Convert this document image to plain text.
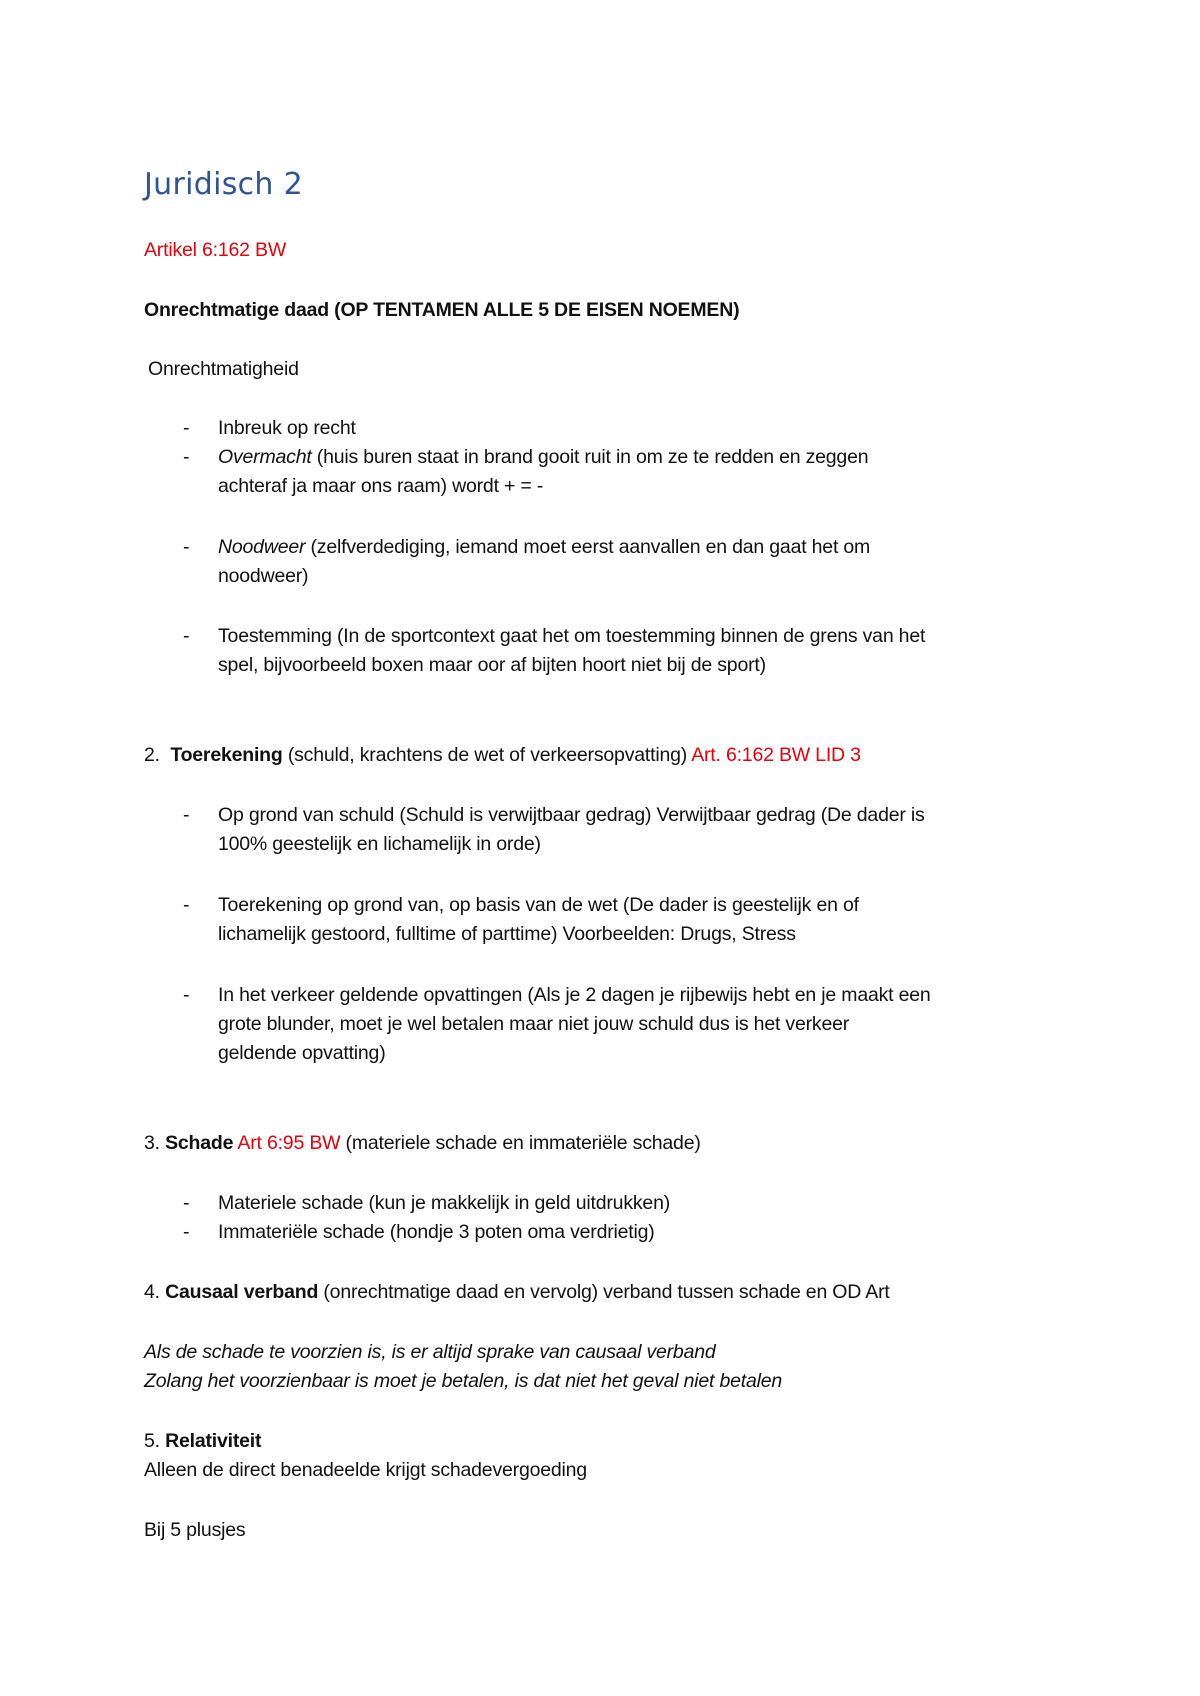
Juridisch 2
Artikel 6:162 BW
Onrechtmatige daad (OP TENTAMEN ALLE 5 DE EISEN NOEMEN)
Onrechtmatigheid
- Inbreuk op recht
- Overmacht (huis buren staat in brand gooit ruit in om ze te redden en zeggen
achteraf ja maar ons raam) wordt + = -
- Noodweer (zelfverdediging, iemand moet eerst aanvallen en dan gaat het om
noodweer)
- Toestemming (In de sportcontext gaat het om toestemming binnen de grens van het
spel, bijvoorbeeld boxen maar oor af bijten hoort niet bij de sport)
2. Toerekening (schuld, krachtens de wet of verkeersopvatting) Art. 6:162 BW LID 3
- Op grond van schuld (Schuld is verwijtbaar gedrag) Verwijtbaar gedrag (De dader is
100% geestelijk en lichamelijk in orde)
- Toerekening op grond van, op basis van de wet (De dader is geestelijk en of
lichamelijk gestoord, fulltime of parttime) Voorbeelden: Drugs, Stress
- In het verkeer geldende opvattingen (Als je 2 dagen je rijbewijs hebt en je maakt een
grote blunder, moet je wel betalen maar niet jouw schuld dus is het verkeer
geldende opvatting)
3. Schade Art 6:95 BW (materiele schade en immateriële schade)
- Materiele schade (kun je makkelijk in geld uitdrukken)
- Immateriële schade (hondje 3 poten oma verdrietig)
4. Causaal verband (onrechtmatige daad en vervolg) verband tussen schade en OD Art
Als de schade te voorzien is, is er altijd sprake van causaal verband
Zolang het voorzienbaar is moet je betalen, is dat niet het geval niet betalen
5. Relativiteit
Alleen de direct benadeelde krijgt schadevergoeding
Bij 5 plusjes
